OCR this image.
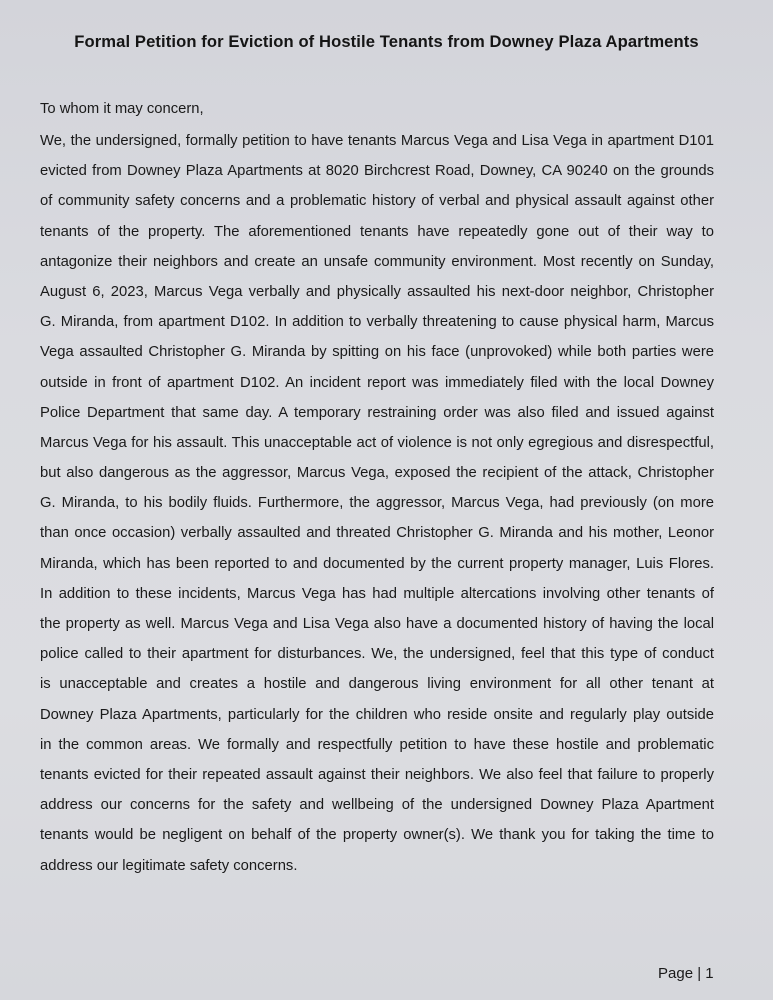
Formal Petition for Eviction of Hostile Tenants from Downey Plaza Apartments
To whom it may concern,
We, the undersigned, formally petition to have tenants Marcus Vega and Lisa Vega in apartment D101
evicted from Downey Plaza Apartments at 8020 Birchcrest Road, Downey, CA 90240 on the grounds
of community safety concerns and a problematic history of verbal and physical assault against other
tenants of the property. The aforementioned tenants have repeatedly gone out of their way to
antagonize their neighbors and create an unsafe community environment. Most recently on Sunday,
August 6, 2023, Marcus Vega verbally and physically assaulted his next-door neighbor, Christopher
G. Miranda, from apartment D102. In addition to verbally threatening to cause physical harm, Marcus
Vega assaulted Christopher G. Miranda by spitting on his face (unprovoked) while both parties were
outside in front of apartment D102. An incident report was immediately filed with the local Downey
Police Department that same day. A temporary restraining order was also filed and issued against
Marcus Vega for his assault. This unacceptable act of violence is not only egregious and disrespectful,
but also dangerous as the aggressor, Marcus Vega, exposed the recipient of the attack, Christopher
G. Miranda, to his bodily fluids. Furthermore, the aggressor, Marcus Vega, had previously (on more
than once occasion) verbally assaulted and threated Christopher G. Miranda and his mother, Leonor
Miranda, which has been reported to and documented by the current property manager, Luis Flores.
In addition to these incidents, Marcus Vega has had multiple altercations involving other tenants of
the property as well. Marcus Vega and Lisa Vega also have a documented history of having the local
police called to their apartment for disturbances. We, the undersigned, feel that this type of conduct
is unacceptable and creates a hostile and dangerous living environment for all other tenant at
Downey Plaza Apartments, particularly for the children who reside onsite and regularly play outside
in the common areas. We formally and respectfully petition to have these hostile and problematic
tenants evicted for their repeated assault against their neighbors. We also feel that failure to properly
address our concerns for the safety and wellbeing of the undersigned Downey Plaza Apartment
tenants would be negligent on behalf of the property owner(s). We thank you for taking the time to
address our legitimate safety concerns.
Page | 1
